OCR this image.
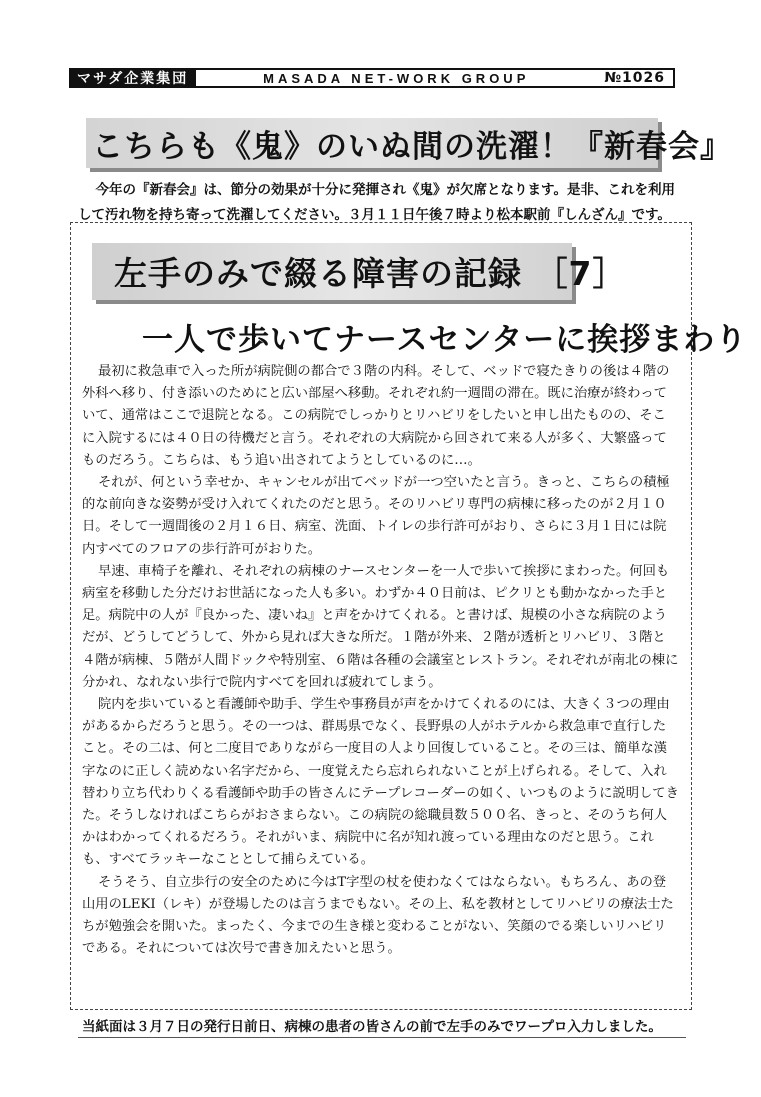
マサダ企業集団	MASADA NET-WORK GROUP	№1026
こちらも《鬼》のいぬ間の洗濯！『新春会』
今年の『新春会』は、節分の効果が十分に発揮され《鬼》が欠席となります。是非、これを利用して汚れ物を持ち寄って洗濯してください。３月１１日午後７時より松本駅前『しんざん』です。
左手のみで綴る障害の記録 ［7］
一人で歩いてナースセンターに挨拶まわり

最初に救急車で入った所が病院側の都合で３階の内科。そして、ベッドで寝たきりの後は４階の外科へ移り、付き添いのためにと広い部屋へ移動。それぞれ約一週間の滞在。既に治療が終わっていて、通常はここで退院となる。この病院でしっかりとリハビリをしたいと申し出たものの、そこに入院するには４０日の待機だと言う。それぞれの大病院から回されて来る人が多く、大繁盛ってものだろう。こちらは、もう追い出されてようとしているのに…。

それが、何という幸せか、キャンセルが出てベッドが一つ空いたと言う。きっと、こちらの積極的な前向きな姿勢が受け入れてくれたのだと思う。そのリハビリ専門の病棟に移ったのが２月１０日。そして一週間後の２月１６日、病室、洗面、トイレの歩行許可がおり、さらに３月１日には院内すべてのフロアの歩行許可がおりた。

早速、車椅子を離れ、それぞれの病棟のナースセンターを一人で歩いて挨拶にまわった。何回も病室を移動した分だけお世話になった人も多い。わずか４０日前は、ピクリとも動かなかった手と足。病院中の人が『良かった、凄いね』と声をかけてくれる。と書けば、規模の小さな病院のようだが、どうしてどうして、外から見れば大きな所だ。１階が外来、２階が透析とリハビリ、３階と４階が病棟、５階が人間ドックや特別室、６階は各種の会議室とレストラン。それぞれが南北の棟に分かれ、なれない歩行で院内すべてを回れば疲れてしまう。

院内を歩いていると看護師や助手、学生や事務員が声をかけてくれるのには、大きく３つの理由があるからだろうと思う。その一つは、群馬県でなく、長野県の人がホテルから救急車で直行したこと。その二は、何と二度目でありながら一度目の人より回復していること。その三は、簡単な漢字なのに正しく読めない名字だから、一度覚えたら忘れられないことが上げられる。そして、入れ替わり立ち代わりくる看護師や助手の皆さんにテープレコーダーの如く、いつものように説明してきた。そうしなければこちらがおさまらない。この病院の総職員数５００名、きっと、そのうち何人かはわかってくれるだろう。それがいま、病院中に名が知れ渡っている理由なのだと思う。これも、すべてラッキーなこととして捕らえている。

そうそう、自立歩行の安全のために今はT字型の杖を使わなくてはならない。もちろん、あの登山用のLEKI（レキ）が登場したのは言うまでもない。その上、私を教材としてリハビリの療法士たちが勉強会を開いた。まったく、今までの生き様と変わることがない、笑顔のでる楽しいリハビリである。それについては次号で書き加えたいと思う。

当紙面は３月７日の発行日前日、病棟の患者の皆さんの前で左手のみでワープロ入力しました。
